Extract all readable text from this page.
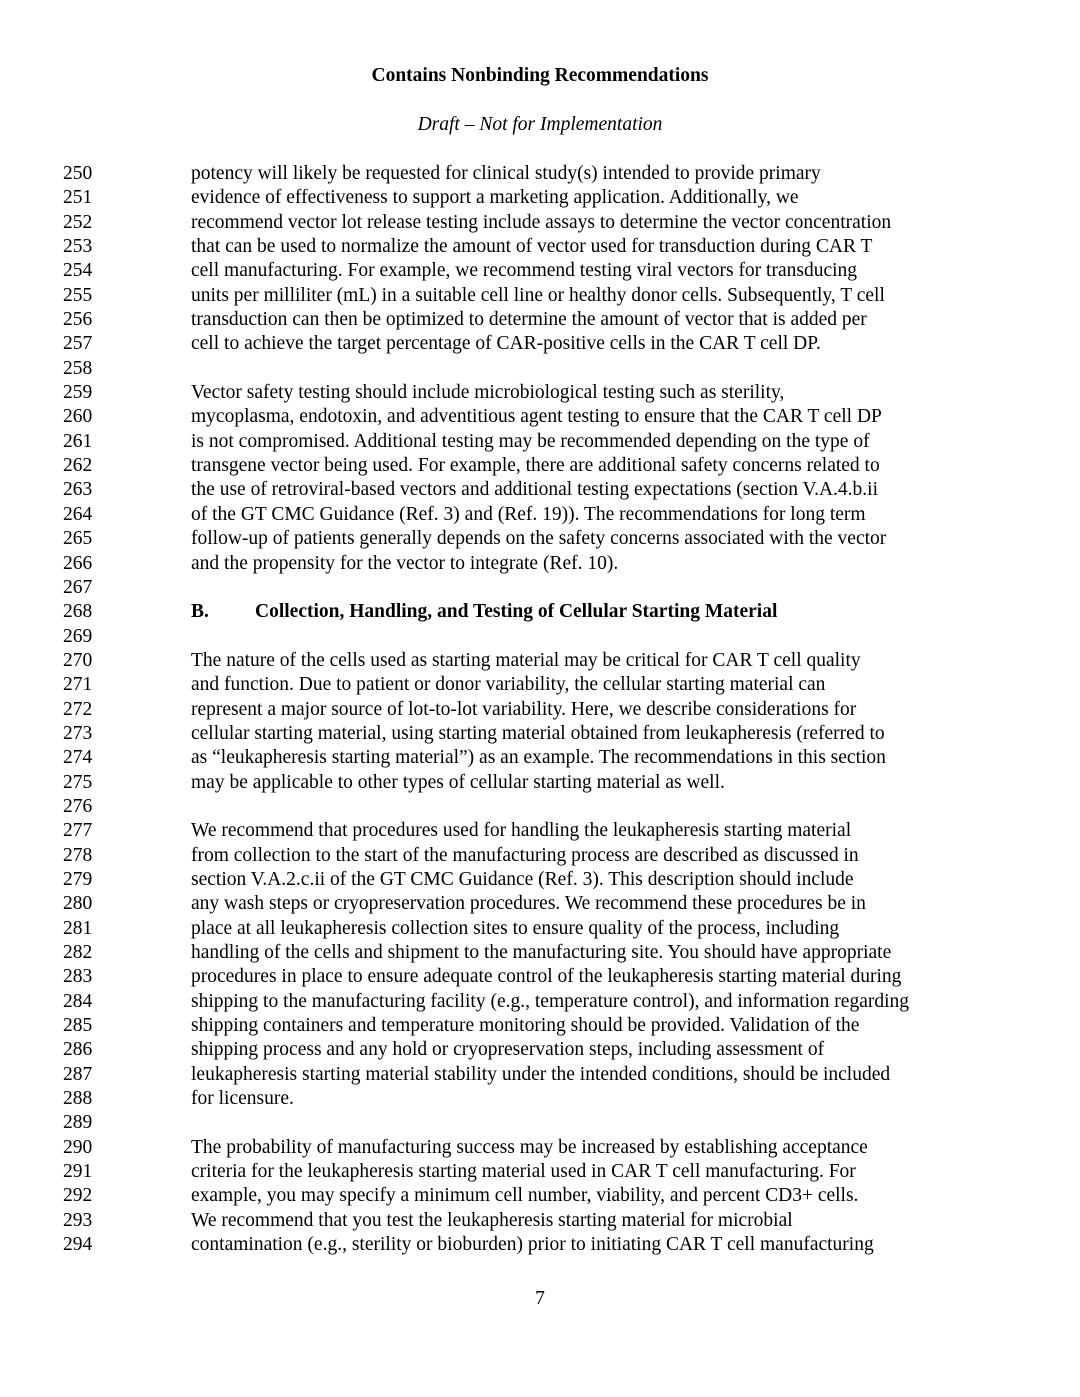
Contains Nonbinding Recommendations
Draft – Not for Implementation
250	potency will likely be requested for clinical study(s) intended to provide primary
251	evidence of effectiveness to support a marketing application. Additionally, we
252	recommend vector lot release testing include assays to determine the vector concentration
253	that can be used to normalize the amount of vector used for transduction during CAR T
254	cell manufacturing. For example, we recommend testing viral vectors for transducing
255	units per milliliter (mL) in a suitable cell line or healthy donor cells. Subsequently, T cell
256	transduction can then be optimized to determine the amount of vector that is added per
257	cell to achieve the target percentage of CAR-positive cells in the CAR T cell DP.
258
259	Vector safety testing should include microbiological testing such as sterility,
260	mycoplasma, endotoxin, and adventitious agent testing to ensure that the CAR T cell DP
261	is not compromised. Additional testing may be recommended depending on the type of
262	transgene vector being used. For example, there are additional safety concerns related to
263	the use of retroviral-based vectors and additional testing expectations (section V.A.4.b.ii
264	of the GT CMC Guidance (Ref. 3) and (Ref. 19)). The recommendations for long term
265	follow-up of patients generally depends on the safety concerns associated with the vector
266	and the propensity for the vector to integrate (Ref. 10).
267
268	B. Collection, Handling, and Testing of Cellular Starting Material
269
270	The nature of the cells used as starting material may be critical for CAR T cell quality
271	and function. Due to patient or donor variability, the cellular starting material can
272	represent a major source of lot-to-lot variability. Here, we describe considerations for
273	cellular starting material, using starting material obtained from leukapheresis (referred to
274	as “leukapheresis starting material”) as an example. The recommendations in this section
275	may be applicable to other types of cellular starting material as well.
276
277	We recommend that procedures used for handling the leukapheresis starting material
278	from collection to the start of the manufacturing process are described as discussed in
279	section V.A.2.c.ii of the GT CMC Guidance (Ref. 3). This description should include
280	any wash steps or cryopreservation procedures. We recommend these procedures be in
281	place at all leukapheresis collection sites to ensure quality of the process, including
282	handling of the cells and shipment to the manufacturing site. You should have appropriate
283	procedures in place to ensure adequate control of the leukapheresis starting material during
284	shipping to the manufacturing facility (e.g., temperature control), and information regarding
285	shipping containers and temperature monitoring should be provided. Validation of the
286	shipping process and any hold or cryopreservation steps, including assessment of
287	leukapheresis starting material stability under the intended conditions, should be included
288	for licensure.
289
290	The probability of manufacturing success may be increased by establishing acceptance
291	criteria for the leukapheresis starting material used in CAR T cell manufacturing. For
292	example, you may specify a minimum cell number, viability, and percent CD3+ cells.
293	We recommend that you test the leukapheresis starting material for microbial
294	contamination (e.g., sterility or bioburden) prior to initiating CAR T cell manufacturing
7
